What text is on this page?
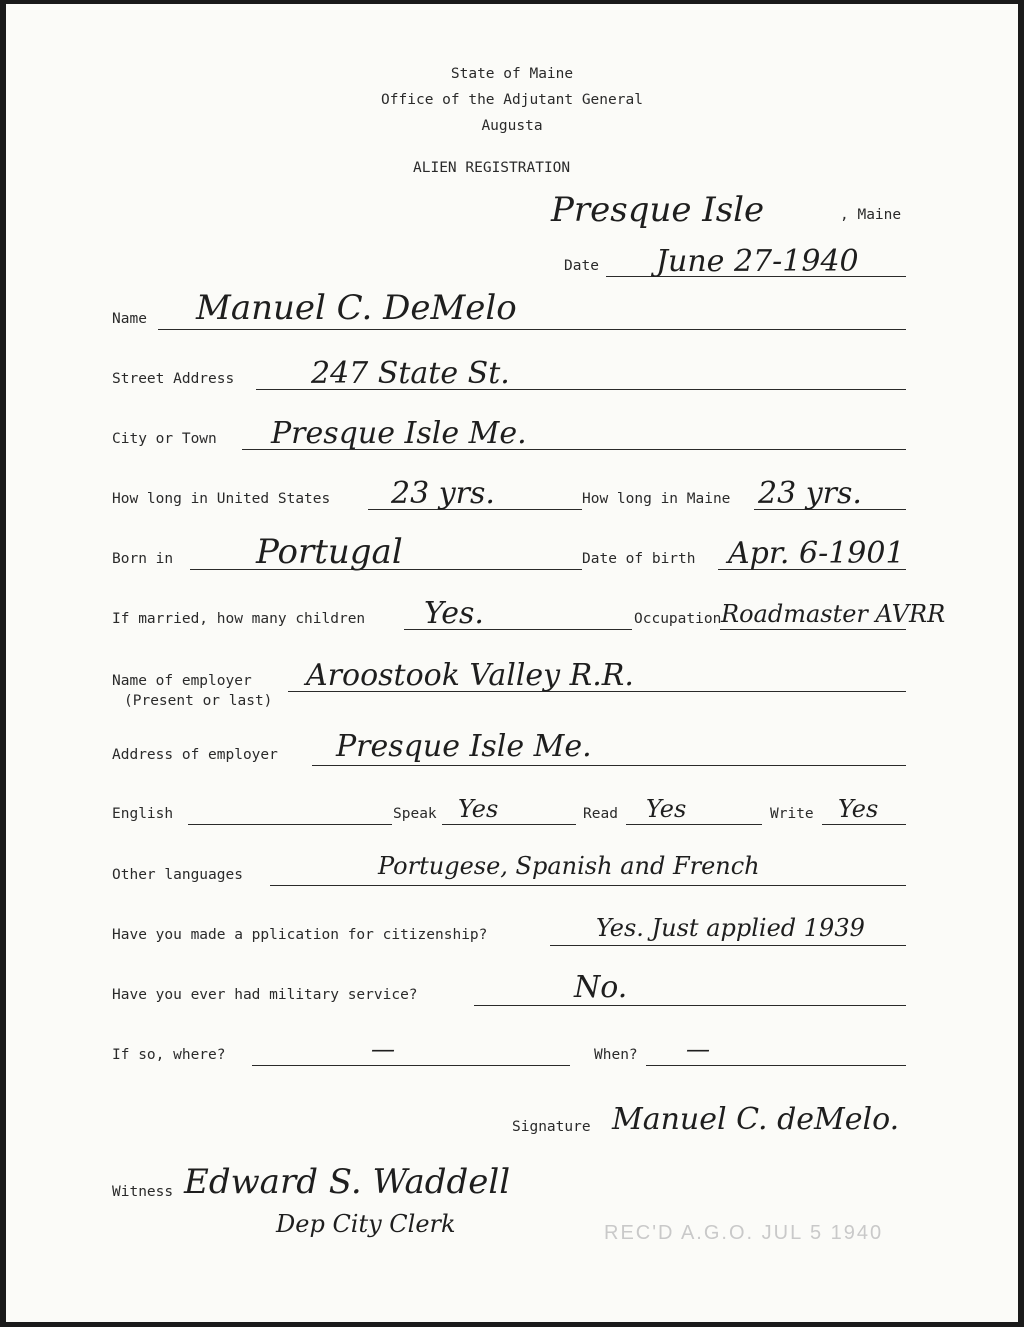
State of Maine
Office of the Adjutant General
Augusta
ALIEN REGISTRATION
Presque Isle	, Maine
Date June 27-1940
Name Manuel C. DeMelo
Street Address	247 State St.
City or Town Presque Isle Me.
How long in United States 23 yrs.	How long in Maine 23 yrs.
Born in Portugal	Date of birth Apr. 6-1901
If married, how many children Yes.	Occupation Roadmaster AVRR
Name of employer
(Present or last)
Aroostook Valley R.R.
Address of employer Presque Isle Me.
English	Speak Yes	Read Yes	Write Yes
Other languages	Portugese, Spanish and French
Have you made a pplication for citizenship?	Yes. Just applied 1939
Have you ever had military service?	No.
If so, where?	—	When? —
Signature Manuel C. deMelo.
Witness Edward S. Waddell
Dep City Clerk	REC'D A.G.O. JUL 5 1940
